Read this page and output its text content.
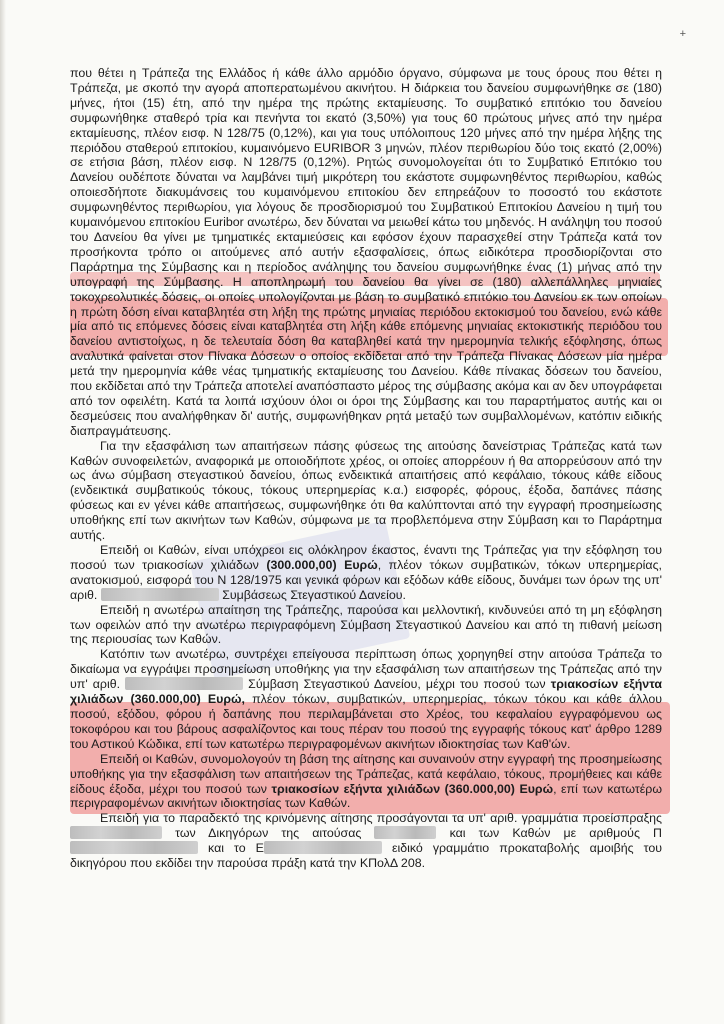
+

που θέτει η Τράπεζα της Ελλάδος ή κάθε άλλο αρμόδιο όργανο, σύμφωνα με τους όρους που θέτει η Τράπεζα, με σκοπό την αγορά αποπερατωμένου ακινήτου. Η διάρκεια του δανείου συμφωνήθηκε σε (180) μήνες, ήτοι (15) έτη, από την ημέρα της πρώτης εκταμίευσης. Το συμβατικό επιτόκιο του δανείου συμφωνήθηκε σταθερό τρία και πενήντα τοι εκατό (3,50%) για τους 60 πρώτους μήνες από την ημέρα εκταμίευσης, πλέον εισφ. Ν 128/75 (0,12%), και για τους υπόλοιπους 120 μήνες από την ημέρα λήξης της περιόδου σταθερού επιτοκίου, κυμαινόμενο EURIBOR 3 μηνών, πλέον περιθωρίου δύο τοις εκατό (2,00%) σε ετήσια βάση, πλέον εισφ. Ν 128/75 (0,12%). Ρητώς συνομολογείται ότι το Συμβατικό Επιτόκιο του Δανείου ουδέποτε δύναται να λαμβάνει τιμή μικρότερη του εκάστοτε συμφωνηθέντος περιθωρίου, καθώς οποιεσδήποτε διακυμάνσεις του κυμαινόμενου επιτοκίου δεν επηρεάζουν το ποσοστό του εκάστοτε συμφωνηθέντος περιθωρίου, για λόγους δε προσδιορισμού του Συμβατικού Επιτοκίου Δανείου η τιμή του κυμαινόμενου επιτοκίου Euribor ανωτέρω, δεν δύναται να μειωθεί κάτω του μηδενός. Η ανάληψη του ποσού του Δανείου θα γίνει με τμηματικές εκταμιεύσεις και εφόσον έχουν παρασχεθεί στην Τράπεζα κατά τον προσήκοντα τρόπο οι αιτούμενες από αυτήν εξασφαλίσεις, όπως ειδικότερα προσδιορίζονται στο Παράρτημα της Σύμβασης και η περίοδος ανάληψης του δανείου συμφωνήθηκε ένας (1) μήνας από την υπογραφή της Σύμβασης. Η αποπληρωμή του δανείου θα γίνει σε (180) αλλεπάλληλες μηνιαίες τοκοχρεολυτικές δόσεις, οι οποίες υπολογίζονται με βάση το συμβατικό επιτόκιο του Δανείου εκ των οποίων η πρώτη δόση είναι καταβλητέα στη λήξη της πρώτης μηνιαίας περιόδου εκτοκισμού του δανείου, ενώ κάθε μία από τις επόμενες δόσεις είναι καταβλητέα στη λήξη κάθε επόμενης μηνιαίας εκτοκιστικής περιόδου του δανείου αντιστοίχως, η δε τελευταία δόση θα καταβληθεί κατά την ημερομηνία τελικής εξόφλησης, όπως αναλυτικά φαίνεται στον Πίνακα Δόσεων ο οποίος εκδίδεται από την Τράπεζα Πίνακας Δόσεων μία ημέρα μετά την ημερομηνία κάθε νέας τμηματικής εκταμίευσης του Δανείου. Κάθε πίνακας δόσεων του δανείου, που εκδίδεται από την Τράπεζα αποτελεί αναπόσπαστο μέρος της σύμβασης ακόμα και αν δεν υπογράφεται από τον οφειλέτη. Κατά τα λοιπά ισχύουν όλοι οι όροι της Σύμβασης και του παραρτήματος αυτής και οι δεσμεύσεις που αναλήφθηκαν δι' αυτής, συμφωνήθηκαν ρητά μεταξύ των συμβαλλομένων, κατόπιν ειδικής διαπραγμάτευσης.

Για την εξασφάλιση των απαιτήσεων πάσης φύσεως της αιτούσης δανείστριας Τράπεζας κατά των Καθών συνοφειλετών, αναφορικά με οποιοδήποτε χρέος, οι οποίες απορρέουν ή θα απορρεύσουν από την ως άνω σύμβαση στεγαστικού δανείου, όπως ενδεικτικά απαιτήσεις από κεφάλαιο, τόκους κάθε είδους (ενδεικτικά συμβατικούς τόκους, τόκους υπερημερίας κ.α.) εισφορές, φόρους, έξοδα, δαπάνες πάσης φύσεως και εν γένει κάθε απαιτήσεως, συμφωνήθηκε ότι θα καλύπτονται από την εγγραφή προσημείωσης υποθήκης επί των ακινήτων των Καθών, σύμφωνα με τα προβλεπόμενα στην Σύμβαση και το Παράρτημα αυτής.

Επειδή οι Καθών, είναι υπόχρεοι εις ολόκληρον έκαστος, έναντι της Τράπεζας για την εξόφληση του ποσού των τριακοσίων χιλιάδων (300.000,00) Ευρώ, πλέον τόκων συμβατικών, τόκων υπερημερίας, ανατοκισμού, εισφορά του Ν 128/1975 και γενικά φόρων και εξόδων κάθε είδους, δυνάμει των όρων της υπ' αριθ.	Συμβάσεως Στεγαστικού Δανείου.

Επειδή η ανωτέρω απαίτηση της Τράπεζης, παρούσα και μελλοντική, κινδυνεύει από τη μη εξόφληση των οφειλών από την ανωτέρω περιγραφόμενη Σύμβαση Στεγαστικού Δανείου και από τη πιθανή μείωση της περιουσίας των Καθών.

Κατόπιν των ανωτέρω, συντρέχει επείγουσα περίπτωση όπως χορηγηθεί στην αιτούσα Τράπεζα το δικαίωμα να εγγράψει προσημείωση υποθήκης για την εξασφάλιση των απαιτήσεων της Τράπεζας από την υπ' αριθ.	Σύμβαση Στεγαστικού Δανείου, μέχρι του ποσού των τριακοσίων εξήντα χιλιάδων (360.000,00) Ευρώ, πλέον τόκων, συμβατικών, υπερημερίας, τόκων τόκου και κάθε άλλου ποσού, εξόδου, φόρου ή δαπάνης που περιλαμβάνεται στο Χρέος, του κεφαλαίου εγγραφόμενου ως τοκοφόρου και του βάρους ασφαλίζοντος και τους πέραν του ποσού της εγγραφής τόκους κατ' άρθρο 1289 του Αστικού Κώδικα, επί των κατωτέρω περιγραφομένων ακινήτων ιδιοκτησίας των Καθ'ών.

Επειδή οι Καθών, συνομολογούν τη βάση της αίτησης και συναινούν στην εγγραφή της προσημείωσης υποθήκης για την εξασφάλιση των απαιτήσεων της Τράπεζας, κατά κεφάλαιο, τόκους, προμήθειες και κάθε είδους έξοδα, μέχρι του ποσού των τριακοσίων εξήντα χιλιάδων (360.000,00) Ευρώ, επί των κατωτέρω περιγραφομένων ακινήτων ιδιοκτησίας των Καθών.

Επειδή για το παραδεκτό της κρινόμενης αίτησης προσάγονται τα υπ' αριθ. γραμμάτια προείσπραξης  των Δικηγόρων της αιτούσας	και των Καθών με αριθμούς Π  και το Ε	ειδικό γραμμάτιο προκαταβολής αμοιβής του δικηγόρου που εκδίδει την παρούσα πράξη κατά την ΚΠολΔ 208.
